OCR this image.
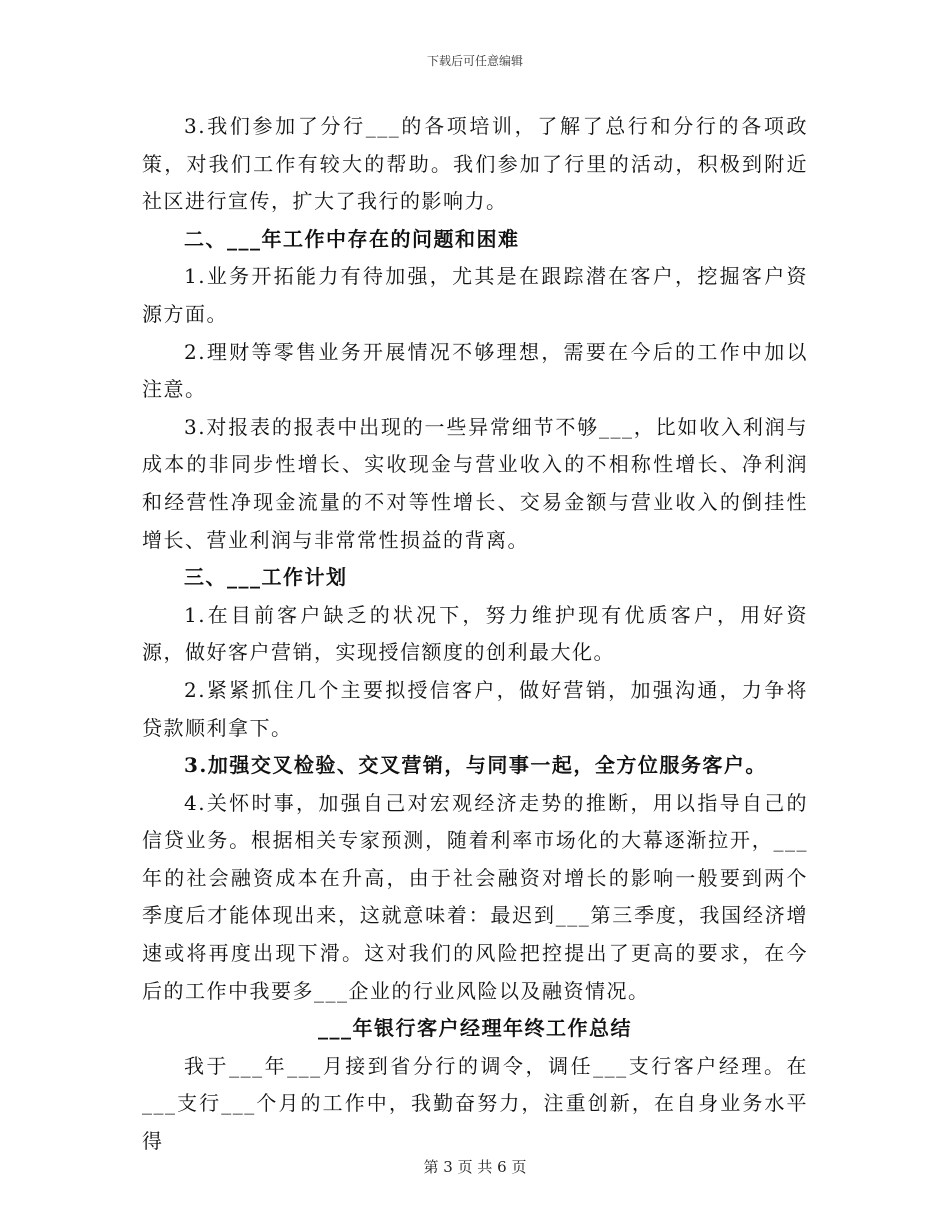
下载后可任意编辑

3.我们参加了分行___的各项培训，了解了总行和分行的各项政策，对我们工作有较大的帮助。我们参加了行里的活动，积极到附近社区进行宣传，扩大了我行的影响力。

二、___年工作中存在的问题和困难

1.业务开拓能力有待加强，尤其是在跟踪潜在客户，挖掘客户资源方面。

2.理财等零售业务开展情况不够理想，需要在今后的工作中加以注意。

3.对报表的报表中出现的一些异常细节不够___，比如收入利润与成本的非同步性增长、实收现金与营业收入的不相称性增长、净利润和经营性净现金流量的不对等性增长、交易金额与营业收入的倒挂性增长、营业利润与非常常性损益的背离。

三、___工作计划

1.在目前客户缺乏的状况下，努力维护现有优质客户，用好资源，做好客户营销，实现授信额度的创利最大化。

2.紧紧抓住几个主要拟授信客户，做好营销，加强沟通，力争将贷款顺利拿下。

3.加强交叉检验、交叉营销，与同事一起，全方位服务客户。

4.关怀时事，加强自己对宏观经济走势的推断，用以指导自己的信贷业务。根据相关专家预测，随着利率市场化的大幕逐渐拉开，___年的社会融资成本在升高，由于社会融资对增长的影响一般要到两个季度后才能体现出来，这就意味着：最迟到___第三季度，我国经济增速或将再度出现下滑。这对我们的风险把控提出了更高的要求，在今后的工作中我要多___企业的行业风险以及融资情况。

___年银行客户经理年终工作总结

我于___年___月接到省分行的调令，调任___支行客户经理。在___支行___个月的工作中，我勤奋努力，注重创新，在自身业务水平得

第 3 页 共 6 页
